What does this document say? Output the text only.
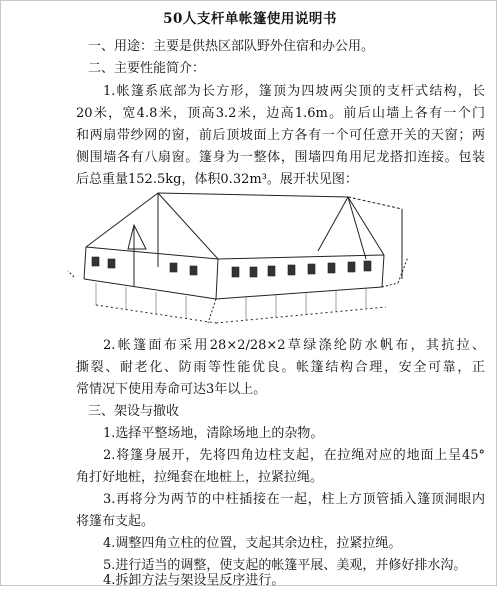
50人支杆单帐篷使用说明书
一、用途：主要是供热区部队野外住宿和办公用。
二、主要性能简介：
1.帐篷系底部为长方形，篷顶为四坡两尖顶的支杆式结构，长
20米，宽4.8米，顶高3.2米，边高1.6m。前后山墙上各有一个门
和两扇带纱网的窗，前后顶坡面上方各有一个可任意开关的天窗；两
侧围墙各有八扇窗。篷身为一整体，围墙四角用尼龙搭扣连接。包装
后总重量152.5kg，体积0.32m³。展开状见图：
2.帐篷面布采用28×2/28×2草绿涤纶防水帆布，其抗拉、
撕裂、耐老化、防雨等性能优良。帐篷结构合理，安全可靠，正
常情况下使用寿命可达3年以上。
三、架设与撤收
1.选择平整场地，清除场地上的杂物。
2.将篷身展开，先将四角边柱支起，在拉绳对应的地面上呈45°
角打好地桩，拉绳套在地桩上，拉紧拉绳。
3.再将分为两节的中柱插接在一起，柱上方顶管插入篷顶洞眼内
将篷布支起。
4.调整四角立柱的位置，支起其余边柱，拉紧拉绳。
5.进行适当的调整，使支起的帐篷平展、美观，并修好排水沟。
4.拆卸方法与架设呈反序进行。
